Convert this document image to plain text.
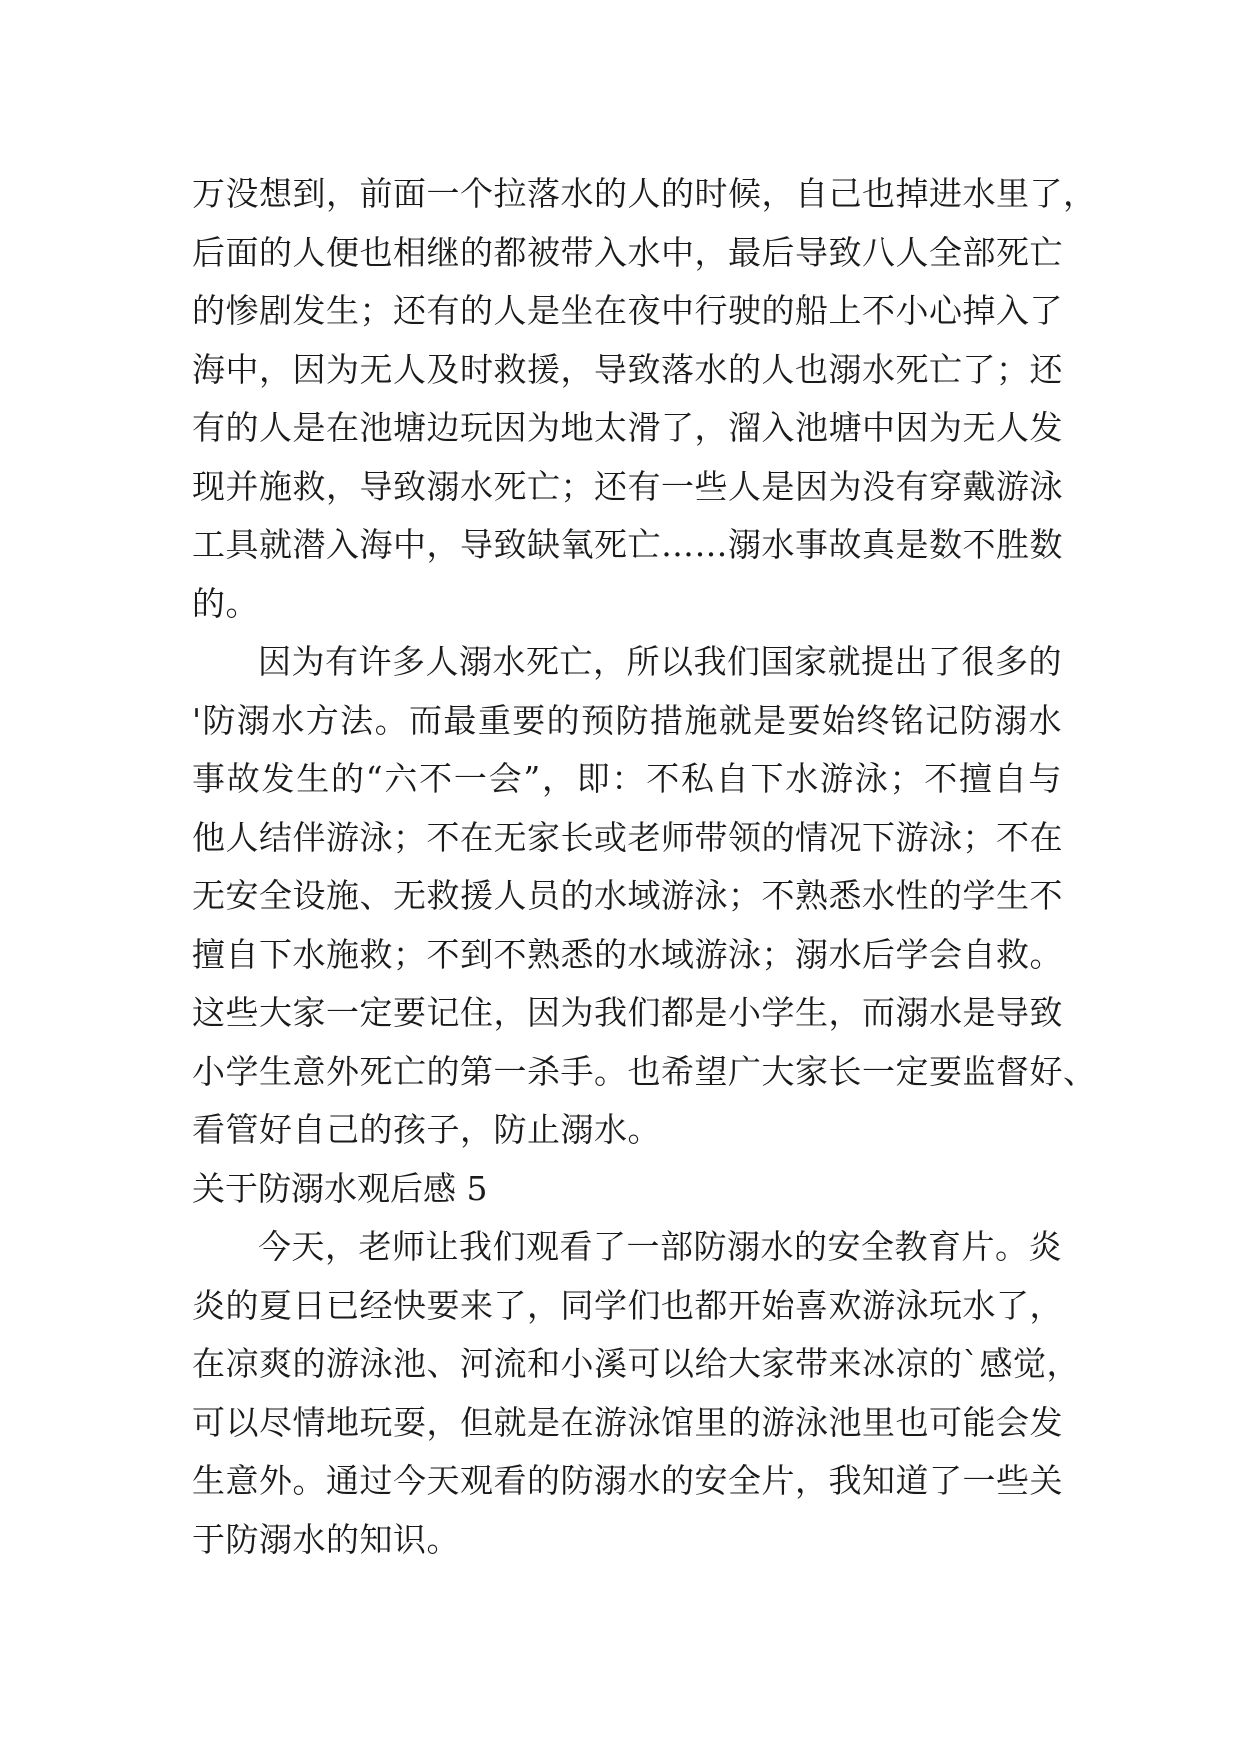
万没想到，前面一个拉落水的人的时候，自己也掉进水里了，
后面的人便也相继的都被带入水中，最后导致八人全部死亡
的惨剧发生；还有的人是坐在夜中行驶的船上不小心掉入了
海中，因为无人及时救援，导致落水的人也溺水死亡了；还
有的人是在池塘边玩因为地太滑了，溜入池塘中因为无人发
现并施救，导致溺水死亡；还有一些人是因为没有穿戴游泳
工具就潜入海中，导致缺氧死亡……溺水事故真是数不胜数
的。
因为有许多人溺水死亡，所以我们国家就提出了很多的
'防溺水方法。而最重要的预防措施就是要始终铭记防溺水
事故发生的“六不一会”，即：不私自下水游泳；不擅自与
他人结伴游泳；不在无家长或老师带领的情况下游泳；不在
无安全设施、无救援人员的水域游泳；不熟悉水性的学生不
擅自下水施救；不到不熟悉的水域游泳；溺水后学会自救。
这些大家一定要记住，因为我们都是小学生，而溺水是导致
小学生意外死亡的第一杀手。也希望广大家长一定要监督好、
看管好自己的孩子，防止溺水。
关于防溺水观后感 5
今天，老师让我们观看了一部防溺水的安全教育片。炎
炎的夏日已经快要来了，同学们也都开始喜欢游泳玩水了，
在凉爽的游泳池、河流和小溪可以给大家带来冰凉的`感觉，
可以尽情地玩耍，但就是在游泳馆里的游泳池里也可能会发
生意外。通过今天观看的防溺水的安全片，我知道了一些关
于防溺水的知识。
